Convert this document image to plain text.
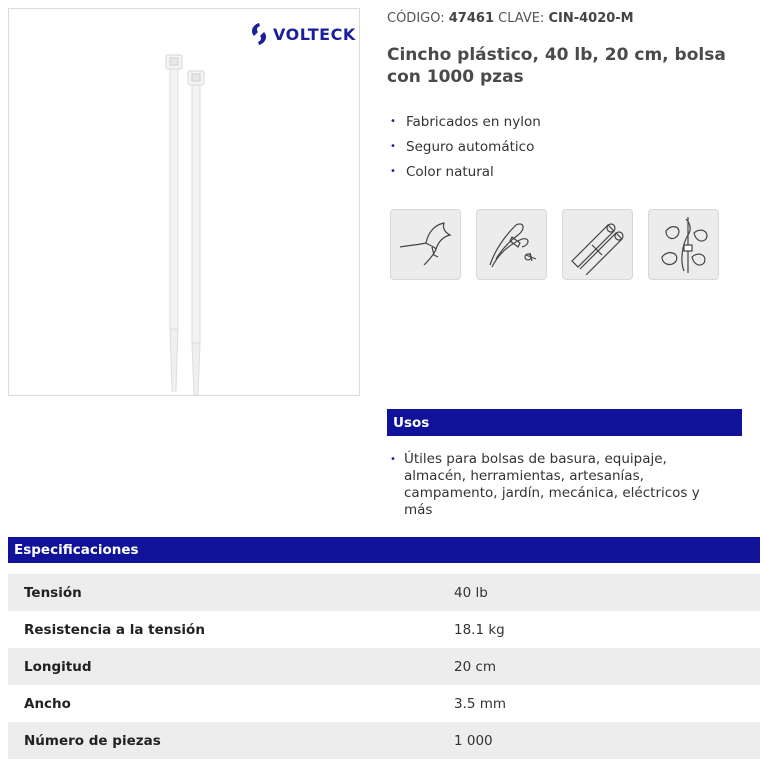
VOLTECK
CÓDIGO: 47461 CLAVE: CIN-4020-M
Cincho plástico, 40 lb, 20 cm, bolsa con 1000 pzas
• Fabricados en nylon
• Seguro automático
• Color natural
Usos
• Útiles para bolsas de basura, equipaje, almacén, herramientas, artesanías, campamento, jardín, mecánica, eléctricos y más
Especificaciones
Tensión	40 lb
Resistencia a la tensión	18.1 kg
Longitud	20 cm
Ancho	3.5 mm
Número de piezas	1 000
